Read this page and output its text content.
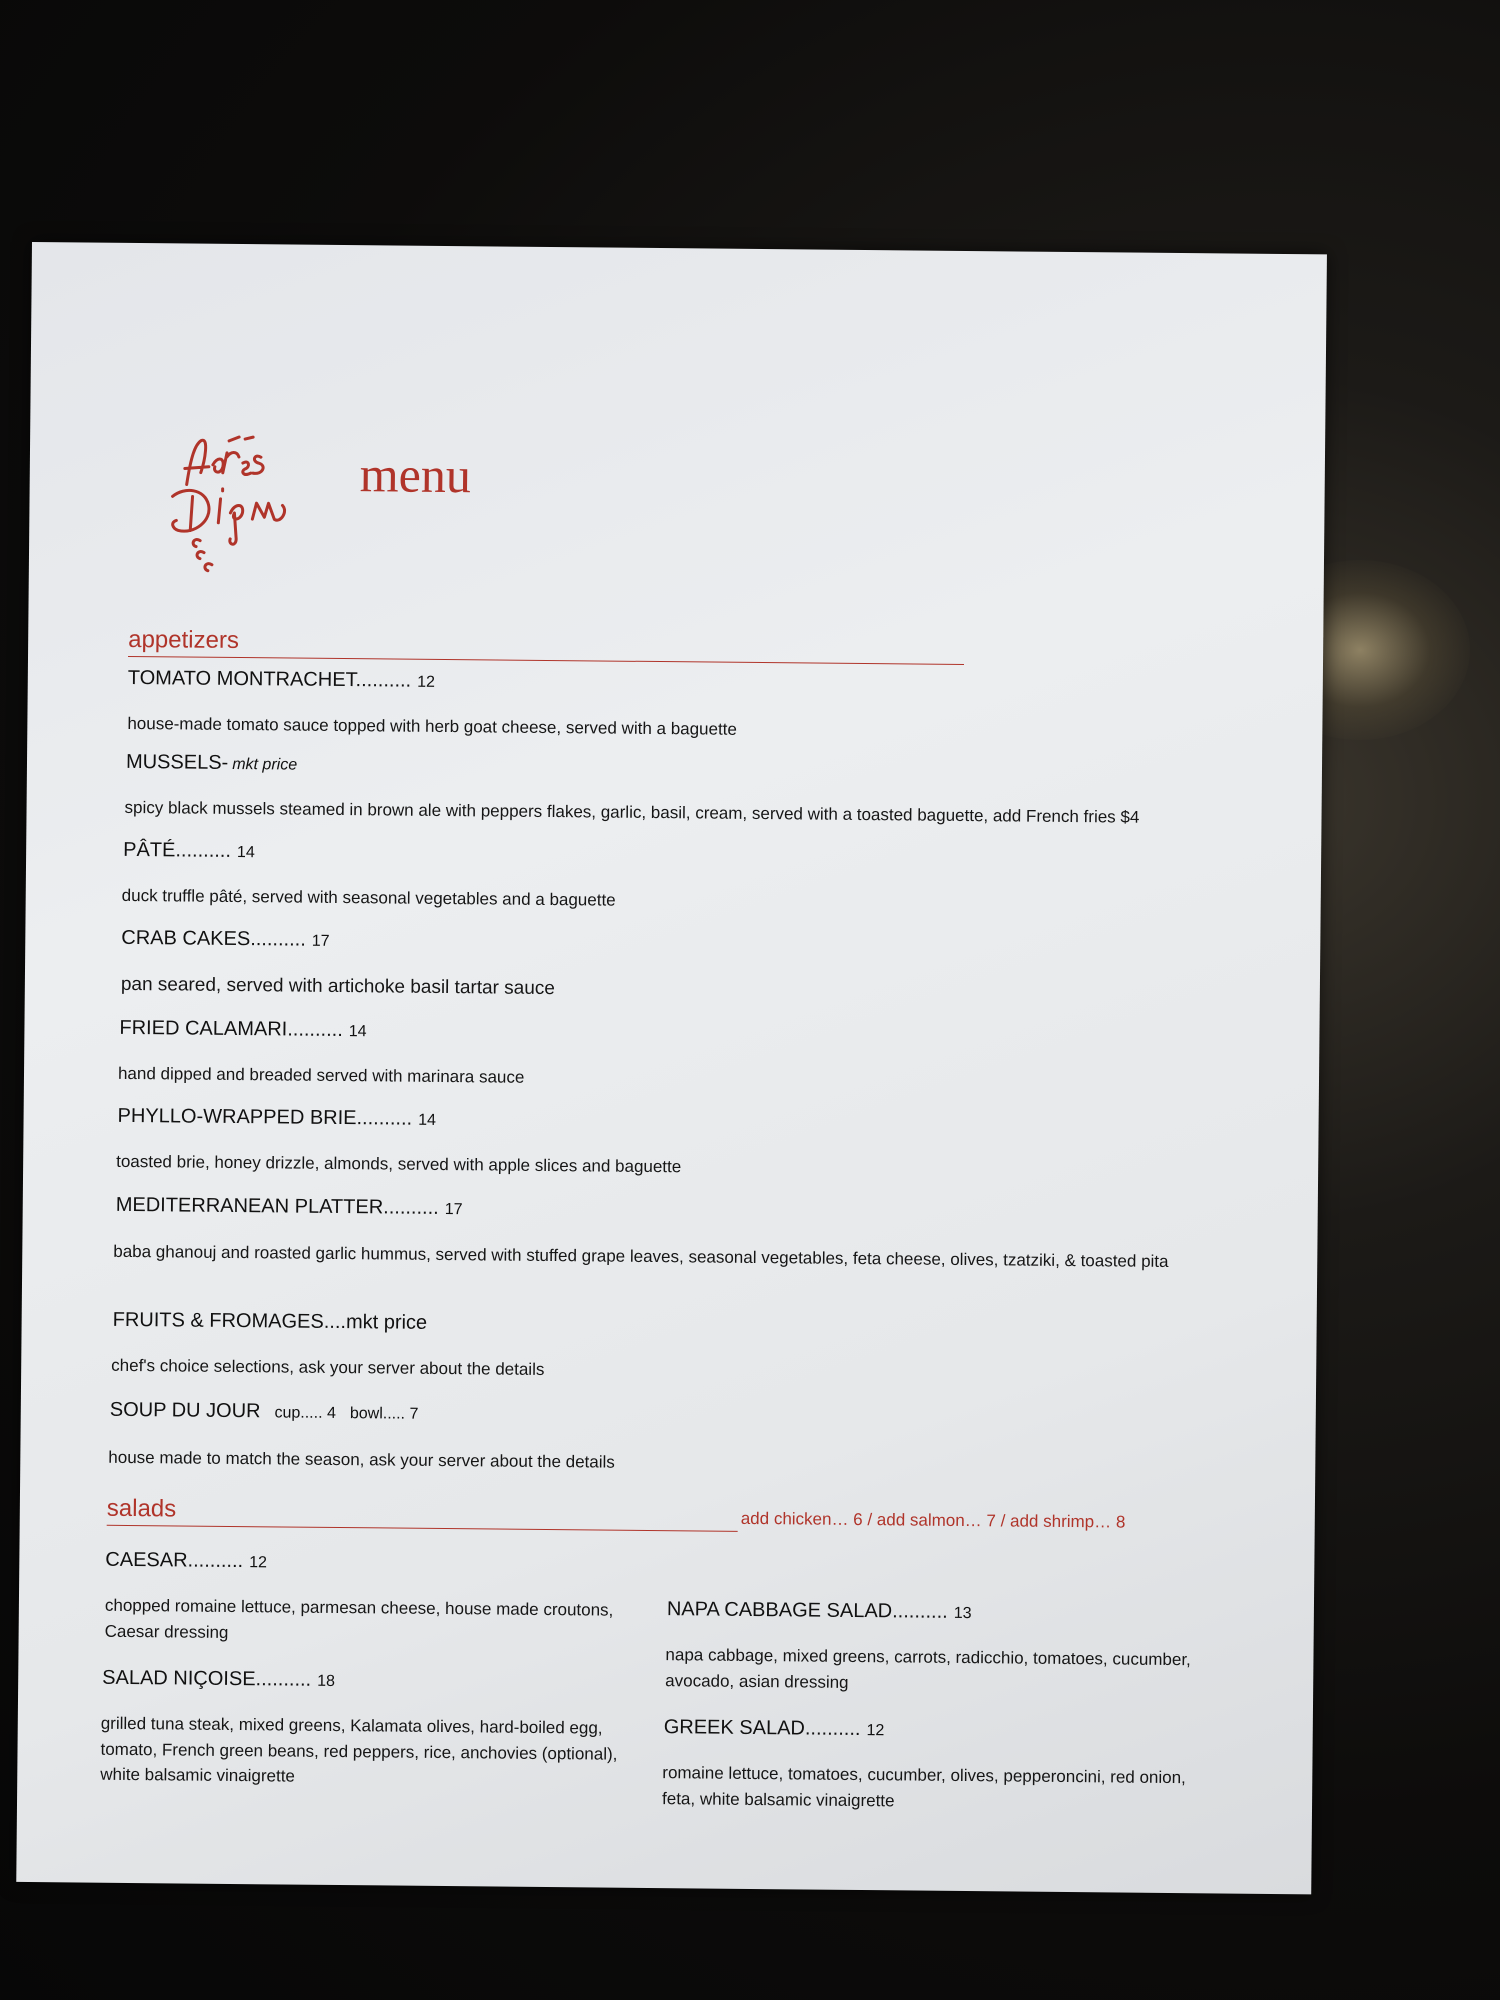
menu
appetizers
TOMATO MONTRACHET.......... 12
house-made tomato sauce topped with herb goat cheese, served with a baguette
MUSSELS- mkt price
spicy black mussels steamed in brown ale with peppers flakes, garlic, basil, cream, served with a toasted baguette, add French fries $4
PÂTÉ.......... 14
duck truffle pâté, served with seasonal vegetables and a baguette
CRAB CAKES.......... 17
pan seared, served with artichoke basil tartar sauce
FRIED CALAMARI.......... 14
hand dipped and breaded served with marinara sauce
PHYLLO-WRAPPED BRIE.......... 14
toasted brie, honey drizzle, almonds, served with apple slices and baguette
MEDITERRANEAN PLATTER.......... 17
baba ghanouj and roasted garlic hummus, served with stuffed grape leaves, seasonal vegetables, feta cheese, olives, tzatziki, & toasted pita
FRUITS & FROMAGES....mkt price
chef's choice selections, ask your server about the details
SOUP DU JOUR cup..... 4 bowl..... 7
house made to match the season, ask your server about the details
salads	add chicken… 6 / add salmon… 7 / add shrimp… 8
CAESAR.......... 12
chopped romaine lettuce, parmesan cheese, house made croutons, Caesar dressing
SALAD NIÇOISE.......... 18
grilled tuna steak, mixed greens, Kalamata olives, hard-boiled egg, tomato, French green beans, red peppers, rice, anchovies (optional), white balsamic vinaigrette
NAPA CABBAGE SALAD.......... 13
napa cabbage, mixed greens, carrots, radicchio, tomatoes, cucumber, avocado, asian dressing
GREEK SALAD.......... 12
romaine lettuce, tomatoes, cucumber, olives, pepperoncini, red onion, feta, white balsamic vinaigrette
